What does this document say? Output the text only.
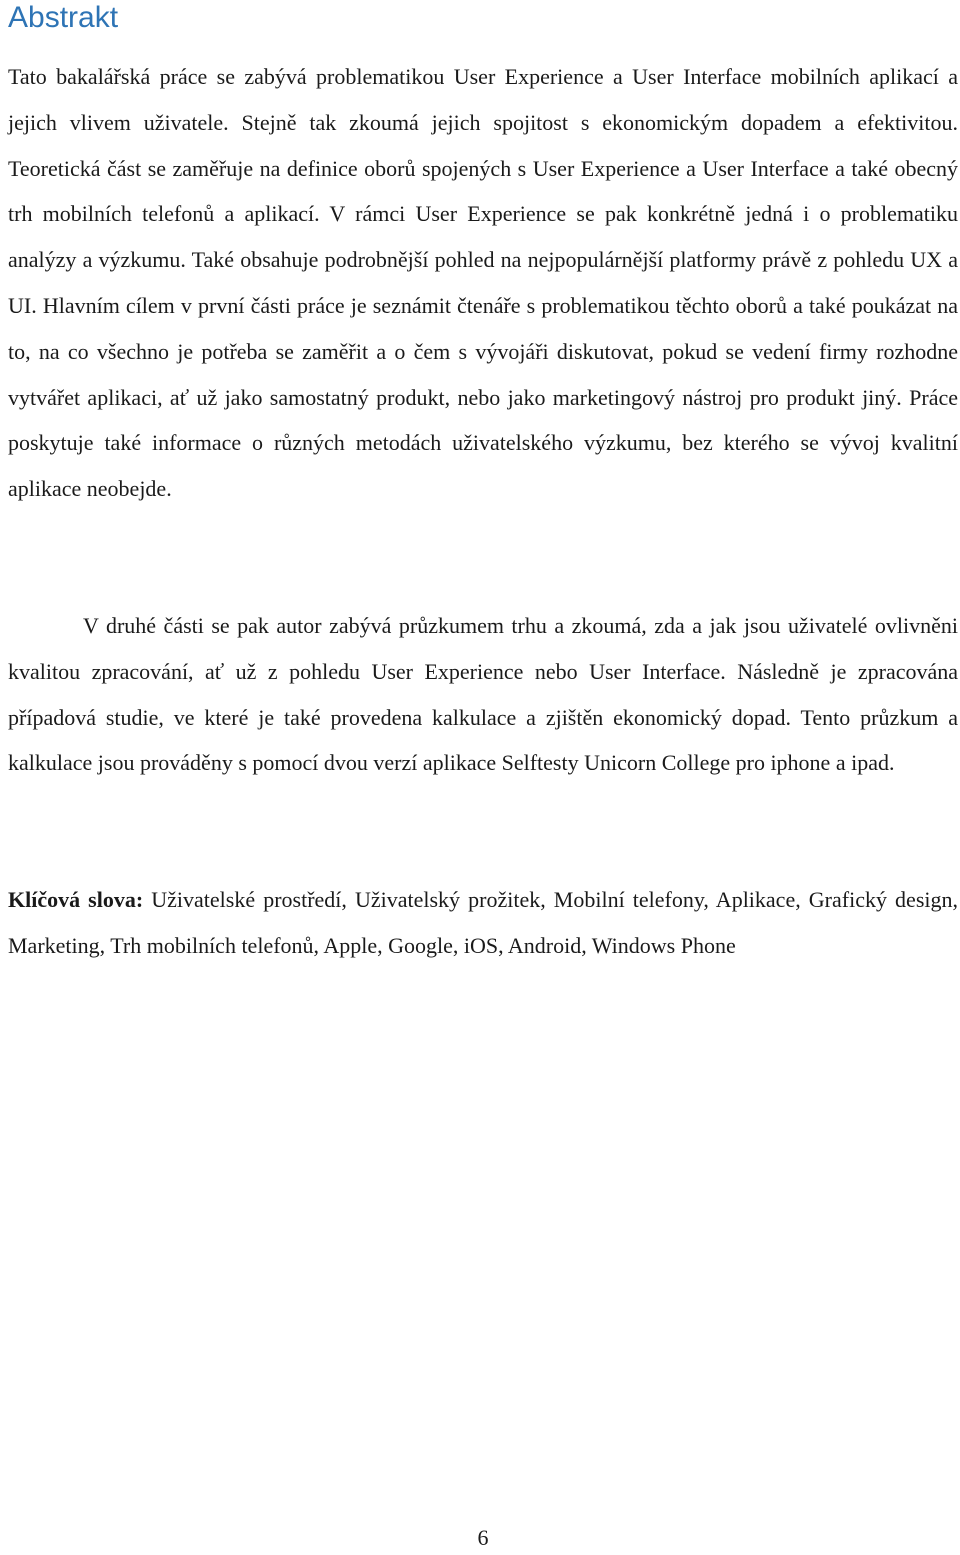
Abstrakt

Tato bakalářská práce se zabývá problematikou User Experience a User Interface mobilních aplikací a jejich vlivem uživatele. Stejně tak zkoumá jejich spojitost s ekonomickým dopadem a efektivitou. Teoretická část se zaměřuje na definice oborů spojených s User Experience a User Interface a také obecný trh mobilních telefonů a aplikací. V rámci User Experience se pak konkrétně jedná i o problematiku analýzy a výzkumu. Také obsahuje podrobnější pohled na nejpopulárnější platformy právě z pohledu UX a UI. Hlavním cílem v první části práce je seznámit čtenáře s problematikou těchto oborů a také poukázat na to, na co všechno je potřeba se zaměřit a o čem s vývojáři diskutovat, pokud se vedení firmy rozhodne vytvářet aplikaci, ať už jako samostatný produkt, nebo jako marketingový nástroj pro produkt jiný. Práce poskytuje také informace o různých metodách uživatelského výzkumu, bez kterého se vývoj kvalitní aplikace neobejde.

V druhé části se pak autor zabývá průzkumem trhu a zkoumá, zda a jak jsou uživatelé ovlivněni kvalitou zpracování, ať už z pohledu User Experience nebo User Interface. Následně je zpracována případová studie, ve které je také provedena kalkulace a zjištěn ekonomický dopad. Tento průzkum a kalkulace jsou prováděny s pomocí dvou verzí aplikace Selftesty Unicorn College pro iphone a ipad.

Klíčová slova: Uživatelské prostředí, Uživatelský prožitek, Mobilní telefony, Aplikace, Grafický design, Marketing, Trh mobilních telefonů, Apple, Google, iOS, Android, Windows Phone

6
